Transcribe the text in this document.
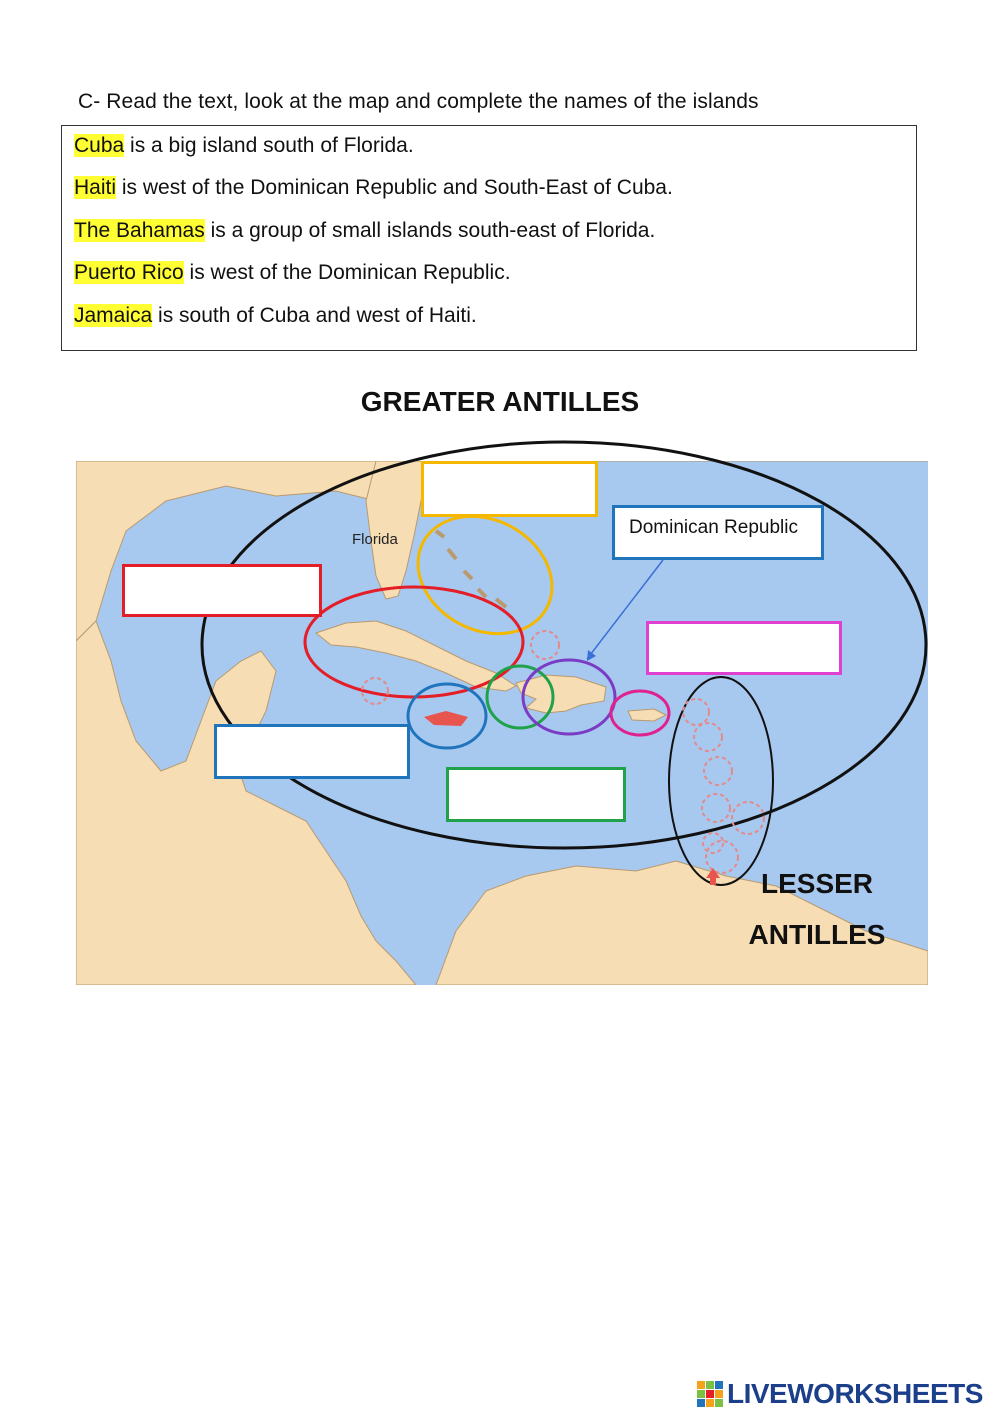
C- Read the text, look at the map and complete the names of the islands
Cuba is a big island south of Florida.
Haiti is west of the Dominican Republic and South-East of Cuba.
The Bahamas is a group of small islands south-east of Florida.
Puerto Rico is west of the Dominican Republic.
Jamaica is south of Cuba and west of Haiti.
GREATER ANTILLES
Dominican Republic
Florida
LESSER
ANTILLES
LIVEWORKSHEETS
